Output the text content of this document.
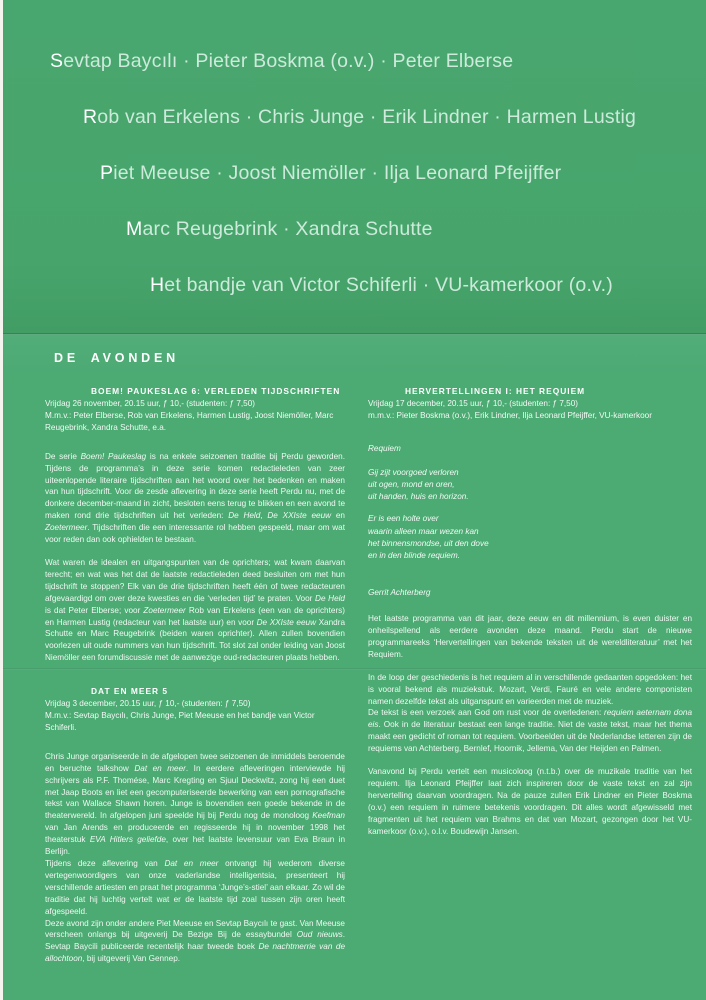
Sevtap Baycılı · Pieter Boskma (o.v.) · Peter Elberse
Rob van Erkelens · Chris Junge · Erik Lindner · Harmen Lustig
Piet Meeuse · Joost Niemöller · Ilja Leonard Pfeijffer
Marc Reugebrink · Xandra Schutte
Het bandje van Victor Schiferli · VU-kamerkoor (o.v.)
DE AVONDEN
BOEM! PAUKESLAG 6: VERLEDEN TIJDSCHRIFTEN

Vrijdag 26 november, 20.15 uur, ƒ 10,- (studenten: ƒ 7,50)

M.m.v.: Peter Elberse, Rob van Erkelens, Harmen Lustig, Joost Niemöller, Marc Reugebrink, Xandra Schutte, e.a.

De serie Boem! Paukeslag is na enkele seizoenen traditie bij Perdu geworden. Tijdens de programma’s in deze serie komen redactieleden van zeer uiteenlopende literaire tijdschriften aan het woord over het bedenken en maken van hun tijdschrift. Voor de zesde aflevering in deze serie heeft Perdu nu, met de donkere december-maand in zicht, besloten eens terug te blikken en een avond te maken rond drie tijdschriften uit het verleden: De Held, De XXIste eeuw en Zoetermeer. Tijdschriften die een interessante rol hebben gespeeld, maar om wat voor reden dan ook ophielden te bestaan.

Wat waren de idealen en uitgangspunten van de oprichters; wat kwam daarvan terecht; en wat was het dat de laatste redactieleden deed besluiten om met hun tijdschrift te stoppen? Elk van de drie tijdschriften heeft één of twee redacteuren afgevaardigd om over deze kwesties en die ‘verleden tijd’ te praten. Voor De Held is dat Peter Elberse; voor Zoetermeer Rob van Erkelens (een van de oprichters) en Harmen Lustig (redacteur van het laatste uur) en voor De XXIste eeuw Xandra Schutte en Marc Reugebrink (beiden waren oprichter). Allen zullen bovendien voorlezen uit oude nummers van hun tijdschrift. Tot slot zal onder leiding van Joost Niemöller een forumdiscussie met de aanwezige oud-redacteuren plaats hebben.

DAT EN MEER 5

Vrijdag 3 december, 20.15 uur, ƒ 10,- (studenten: ƒ 7,50)

M.m.v.: Sevtap Baycılı, Chris Junge, Piet Meeuse en het bandje van Victor Schiferli.

Chris Junge organiseerde in de afgelopen twee seizoenen de inmiddels beroemde en beruchte talkshow Dat en meer. In eerdere afleveringen interviewde hij schrijvers als P.F. Thomése, Marc Kregting en Sjuul Deckwitz, zong hij een duet met Jaap Boots en liet een gecomputeriseerde bewerking van een pornografische tekst van Wallace Shawn horen. Junge is bovendien een goede bekende in de theaterwereld. In afgelopen juni speelde hij bij Perdu nog de monoloog Keefman van Jan Arends en produceerde en regisseerde hij in november 1998 het theaterstuk EVA Hitlers geliefde, over het laatste levensuur van Eva Braun in Berlijn.

Tijdens deze aflevering van Dat en meer ontvangt hij wederom diverse vertegenwoordigers van onze vaderlandse intelligentsia, presenteert hij verschillende artiesten en praat het programma ‘Junge’s-stiel’ aan elkaar. Zo wil de traditie dat hij luchtig vertelt wat er de laatste tijd zoal tussen zijn oren heeft afgespeeld.

Deze avond zijn onder andere Piet Meeuse en Sevtap Baycılı te gast. Van Meeuse verscheen onlangs bij uitgeverij De Bezige Bij de essaybundel Oud nieuws. Sevtap Baycili publiceerde recentelijk haar tweede boek De nachtmerrie van de allochtoon, bij uitgeverij Van Gennep.

HERVERTELLINGEN I: HET REQUIEM

Vrijdag 17 december, 20.15 uur, ƒ 10,- (studenten: ƒ 7,50)

m.m.v.: Pieter Boskma (o.v.), Erik Lindner, Ilja Leonard Pfeijffer, VU-kamerkoor

Requiem

Gij zijt voorgoed verloren
uit ogen, mond en oren,
uit handen, huis en horizon.
Er is een holte over
waarin alleen maar wezen kan
het binnensmondse, uit den dove
en in den blinde requiem.
Gerrit Achterberg

Het laatste programma van dit jaar, deze eeuw en dit millennium, is even duister en onheilspellend als eerdere avonden deze maand. Perdu start de nieuwe programmareeks ‘Hervertellingen van bekende teksten uit de wereldliteratuur’ met het Requiem.

In de loop der geschiedenis is het requiem al in verschillende gedaanten opgedoken: het is vooral bekend als muziekstuk. Mozart, Verdi, Fauré en vele andere componisten namen dezelfde tekst als uitganspunt en varieerden met de muziek.

De tekst is een verzoek aan God om rust voor de overledenen: requiem aeternam dona eis. Ook in de literatuur bestaat een lange traditie. Niet de vaste tekst, maar het thema maakt een gedicht of roman tot requiem. Voorbeelden uit de Nederlandse letteren zijn de requiems van Achterberg, Bernlef, Hoornik, Jellema, Van der Heijden en Palmen.

Vanavond bij Perdu vertelt een musicoloog (n.t.b.) over de muzikale traditie van het requiem. Ilja Leonard Pfeijffer laat zich inspireren door de vaste tekst en zal zijn hervertelling daarvan voordragen. Na de pauze zullen Erik Lindner en Pieter Boskma (o.v.) een requiem in ruimere betekenis voordragen. Dit alles wordt afgewisseld met fragmenten uit het requiem van Brahms en dat van Mozart, gezongen door het VU-kamerkoor (o.v.), o.l.v. Boudewijn Jansen.
